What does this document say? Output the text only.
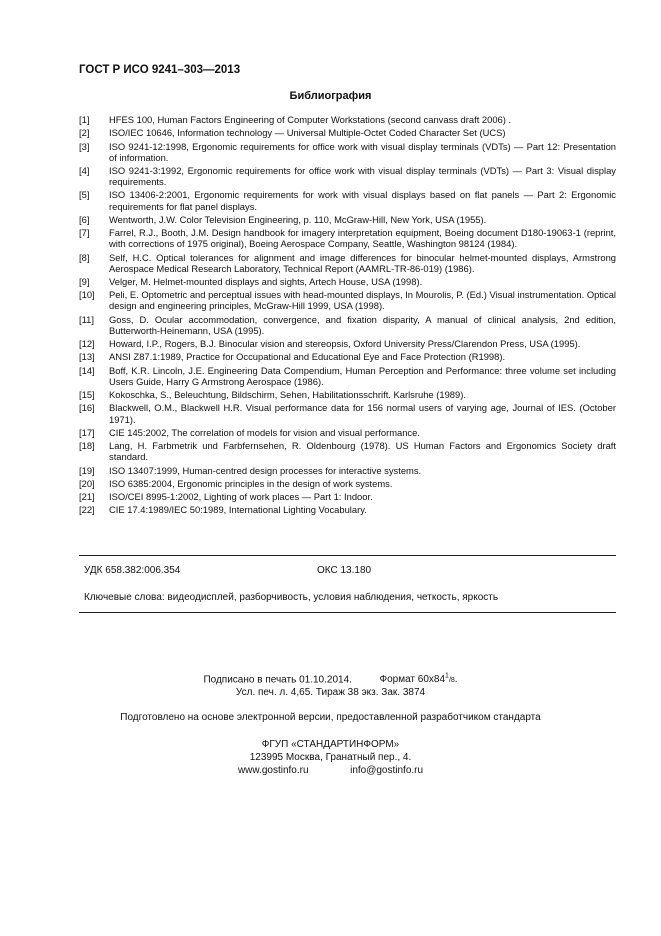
ГОСТ Р ИСО 9241–303—2013
Библиография
[1]	HFES 100, Human Factors Engineering of Computer Workstations (second canvass draft 2006) .
[2]	ISO/IEC 10646, Information technology — Universal Multiple-Octet Coded Character Set (UCS)
[3]	ISO 9241-12:1998, Ergonomic requirements for office work with visual display terminals (VDTs) — Part 12: Presentation of information.
[4]	ISO 9241-3:1992, Ergonomic requirements for office work with visual display terminals (VDTs) — Part 3: Visual display requirements.
[5]	ISO 13406-2:2001, Ergonomic requirements for work with visual displays based on flat panels — Part 2: Ergonomic requirements for flat panel displays.
[6]	Wentworth, J.W. Color Television Engineering, p. 110, McGraw-Hill, New York, USA (1955).
[7]	Farrel, R.J., Booth, J.M. Design handbook for imagery interpretation equipment, Boeing document D180-19063-1 (reprint, with corrections of 1975 original), Boeing Aerospace Company, Seattle, Washington 98124 (1984).
[8]	Self, H.C. Optical tolerances for alignment and image differences for binocular helmet-mounted displays, Armstrong Aerospace Medical Research Laboratory, Technical Report (AAMRL-TR-86-019) (1986).
[9]	Velger, M. Helmet-mounted displays and sights, Artech House, USA (1998).
[10]	Peli, E. Optometric and perceptual issues with head-mounted displays, In Mourolis, P. (Ed.) Visual instrumentation. Optical design and engineering principles, McGraw-Hill 1999, USA (1998).
[11]	Goss, D. Ocular accommodation, convergence, and fixation disparity, A manual of clinical analysis, 2nd edition, Butterworth-Heinemann, USA (1995).
[12]	Howard, I.P., Rogers, B.J. Binocular vision and stereopsis, Oxford University Press/Clarendon Press, USA (1995).
[13]	ANSI Z87.1:1989, Practice for Occupational and Educational Eye and Face Protection (R1998).
[14]	Boff, K.R. Lincoln, J.E. Engineering Data Compendium, Human Perception and Performance: three volume set including Users Guide, Harry G Armstrong Aerospace (1986).
[15]	Kokoschka, S., Beleuchtung, Bildschirm, Sehen, Habilitationsschrift. Karlsruhe (1989).
[16]	Blackwell, O.M., Blackwell H.R. Visual performance data for 156 normal users of varying age, Journal of IES. (October 1971).
[17]	CIE 145:2002, The correlation of models for vision and visual performance.
[18]	Lang, H. Farbmetrik und Farbfernsehen, R. Oldenbourg (1978). US Human Factors and Ergonomics Society draft standard.
[19]	ISO 13407:1999, Human-centred design processes for interactive systems.
[20]	ISO 6385:2004, Ergonomic principles in the design of work systems.
[21]	ISO/CEI 8995-1:2002, Lighting of work places — Part 1: Indoor.
[22]	CIE 17.4:1989/IEC 50:1989, International Lighting Vocabulary.
УДК 658.382:006.354	ОКС 13.180
Ключевые слова: видеодисплей, разборчивость, условия наблюдения, четкость, яркость
Подписано в печать 01.10.2014.	Формат $60х84^1/8$.
Усл. печ. л. 4,65. Тираж 38 экз. Зак. 3874
Подготовлено на основе электронной версии, предоставленной разработчиком стандарта
ФГУП «СТАНДАРТИНФОРМ»
123995 Москва, Гранатный пер., 4.
www.gostinfo.ru	info@gostinfo.ru
